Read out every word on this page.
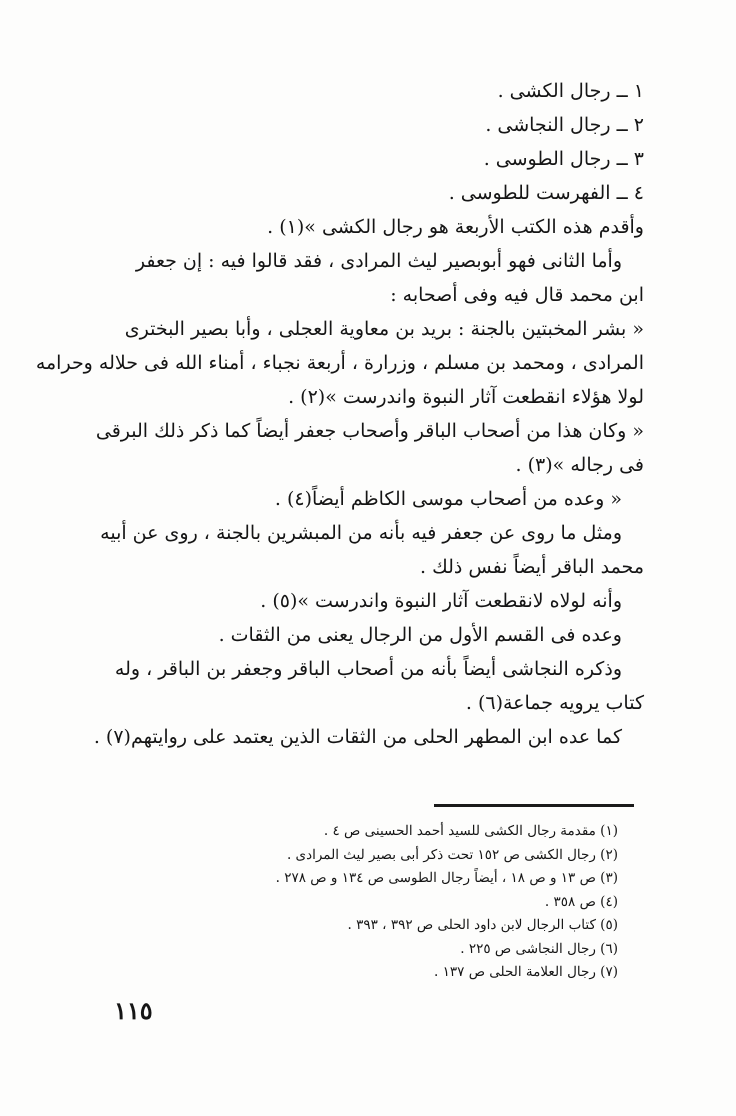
١ ــ رجال الكشى .
٢ ــ رجال النجاشى .
٣ ــ رجال الطوسى .
٤ ــ الفهرست للطوسى .
وأقدم هذه الكتب الأربعة هو رجال الكشى »(١) .
وأما الثانى فهو أبوبصير ليث المرادى ، فقد قالوا فيه : إن جعفر
ابن محمد قال فيه وفى أصحابه :
« بشر المخبتين بالجنة : بريد بن معاوية العجلى ، وأبا بصير البخترى
المرادى ، ومحمد بن مسلم ، وزرارة ، أربعة نجباء ، أمناء الله فى حلاله وحرامه
لولا هؤلاء انقطعت آثار النبوة واندرست »(٢) .
« وكان هذا من أصحاب الباقر وأصحاب جعفر أيضاً كما ذكر ذلك البرقى
فى رجاله »(٣) .
« وعده من أصحاب موسى الكاظم أيضاً(٤) .
ومثل ما روى عن جعفر فيه بأنه من المبشرين بالجنة ، روى عن أبيه
محمد الباقر أيضاً نفس ذلك .
وأنه لولاه لانقطعت آثار النبوة واندرست »(٥) .
وعده فى القسم الأول من الرجال يعنى من الثقات .
وذكره النجاشى أيضاً بأنه من أصحاب الباقر وجعفر بن الباقر ، وله
كتاب يرويه جماعة(٦) .
كما عده ابن المطهر الحلى من الثقات الذين يعتمد على روايتهم(٧) .
(١) مقدمة رجال الكشى للسيد أحمد الحسينى ص ٤ .
(٢) رجال الكشى ص ١٥٢ تحت ذكر أبى بصير ليث المرادى .
(٣) ص ١٣ و ص ١٨ ، أيضاً رجال الطوسى ص ١٣٤ و ص ٢٧٨ .
(٤) ص ٣٥٨ .
(٥) كتاب الرجال لابن داود الحلى ص ٣٩٢ ، ٣٩٣ .
(٦) رجال النجاشى ص ٢٢٥ .
(٧) رجال العلامة الحلى ص ١٣٧ .
١١٥
